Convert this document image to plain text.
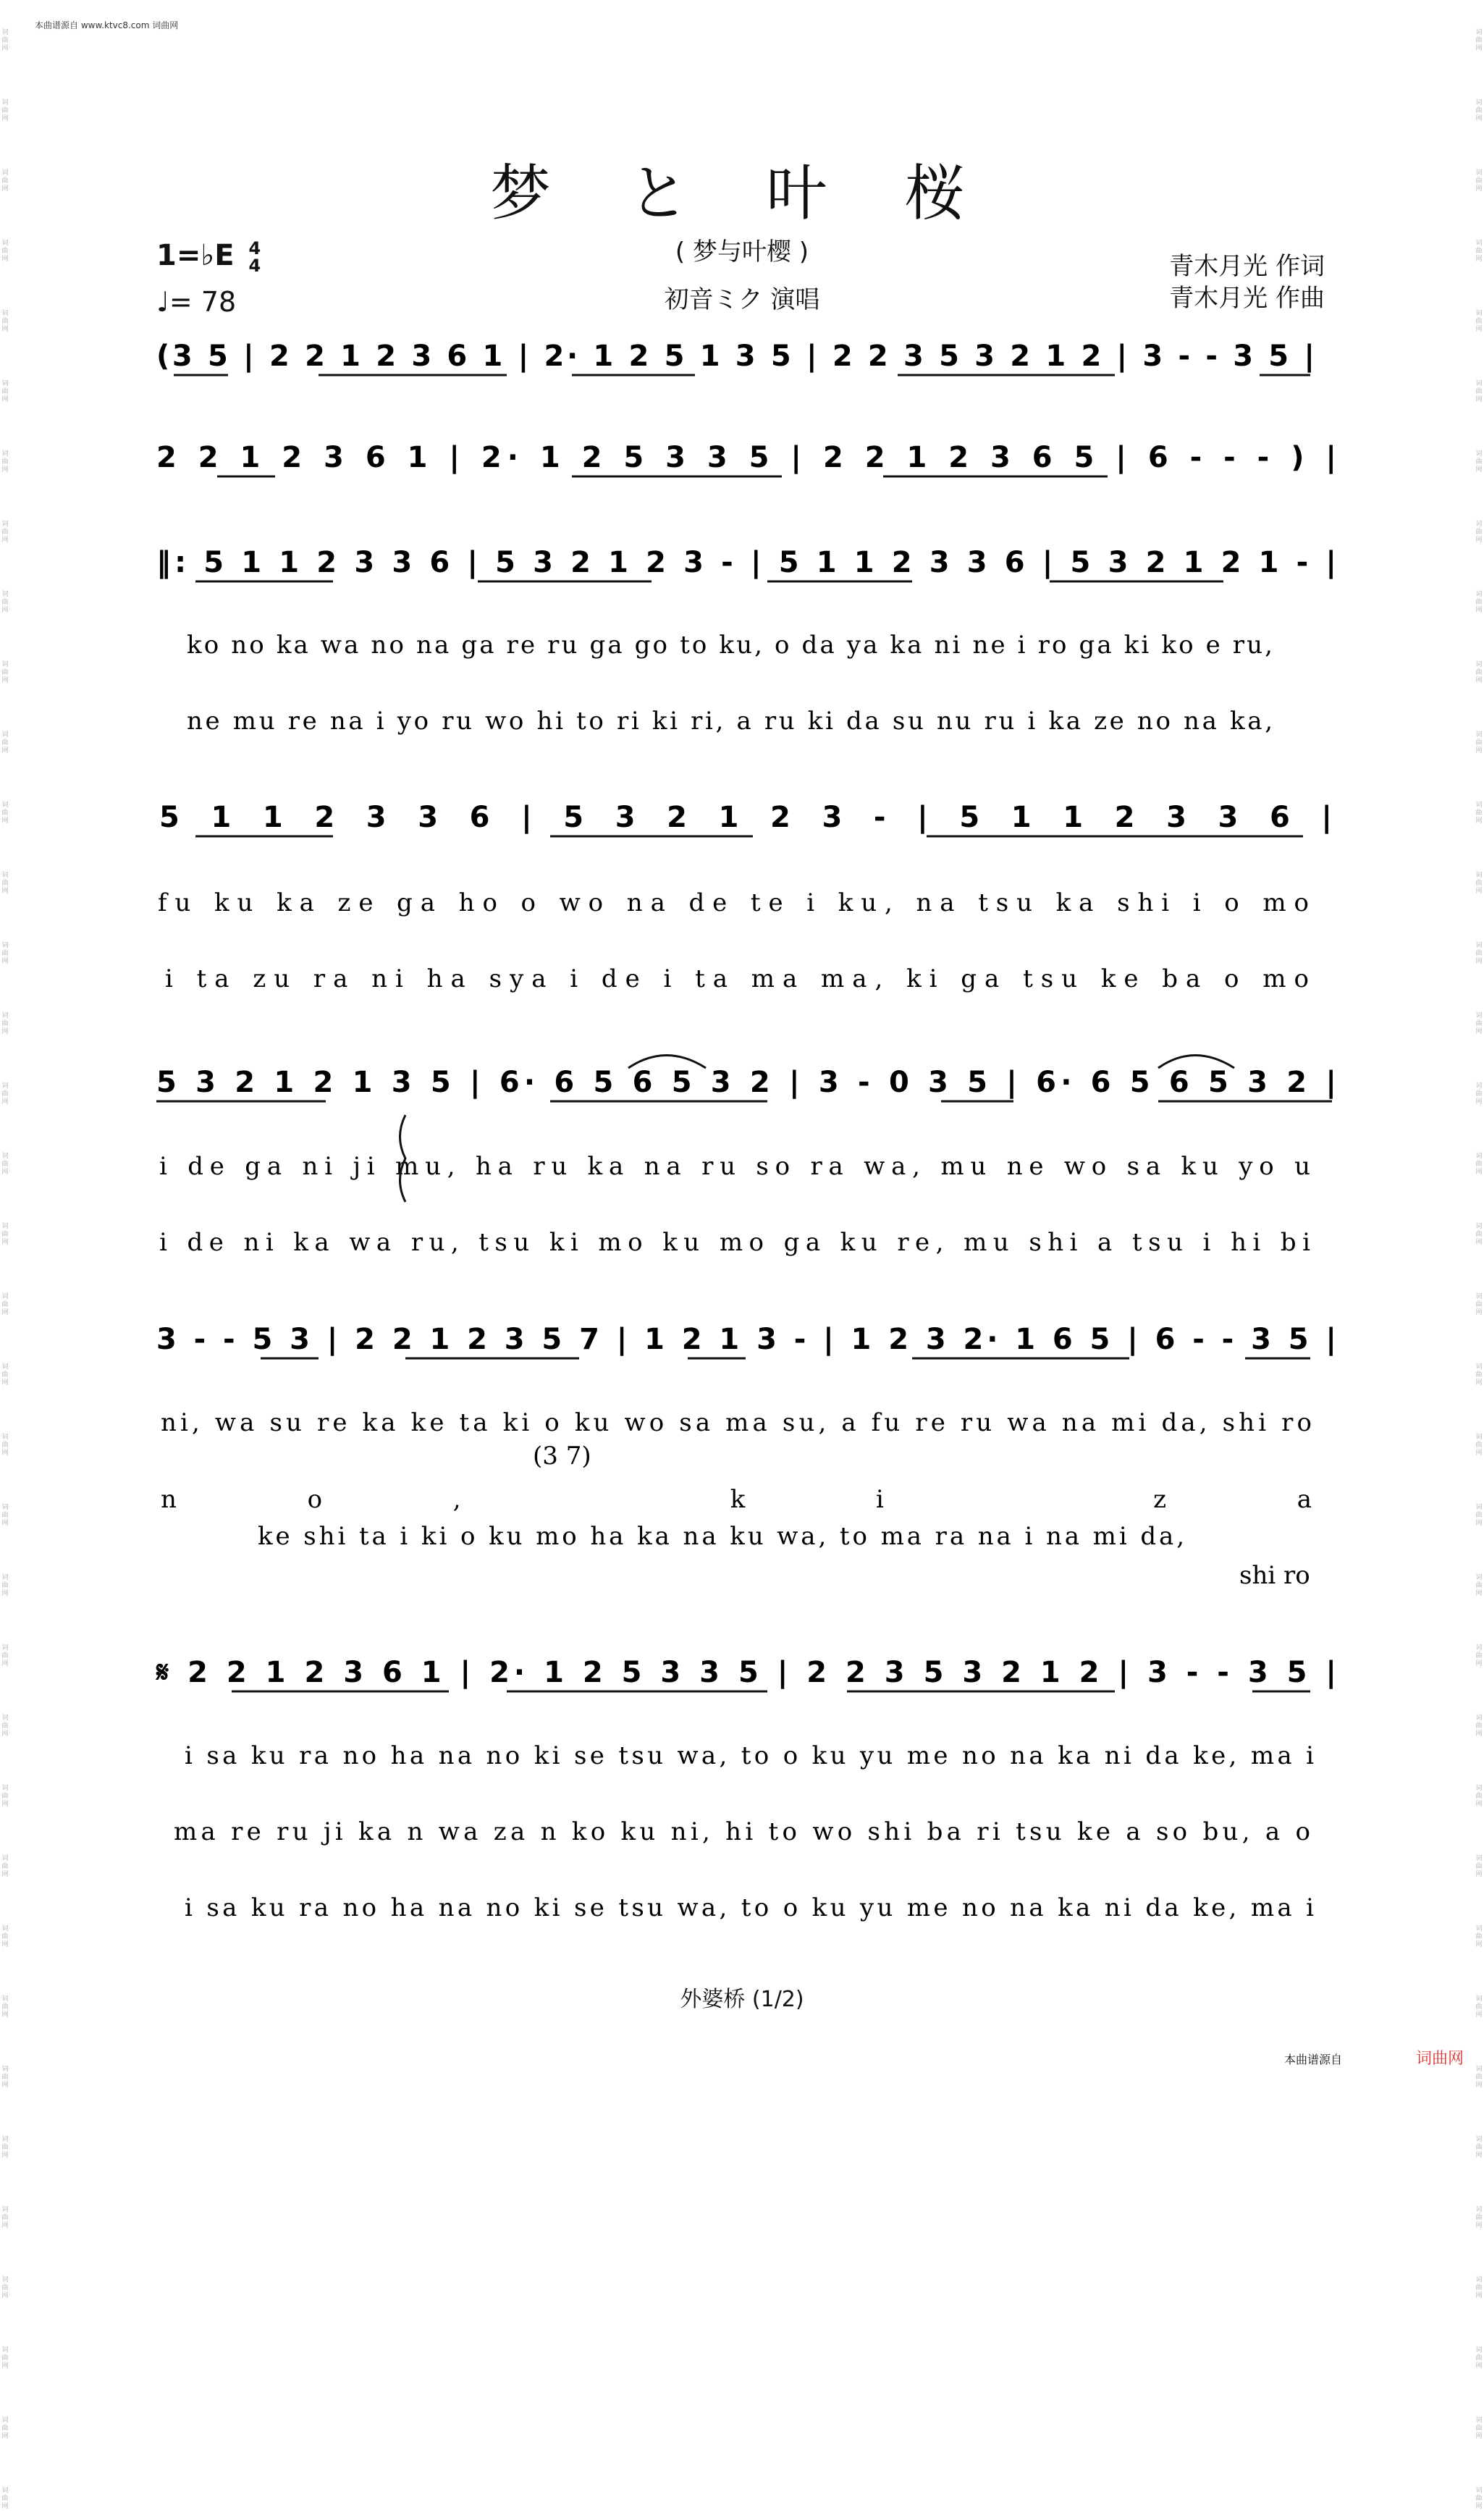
本曲谱源自 www.ktvc8.com 词曲网
词曲网
词曲网
词曲网
词曲网
词曲网
词曲网
词曲网
词曲网
词曲网
词曲网
词曲网
词曲网
词曲网
词曲网
词曲网
词曲网
词曲网
词曲网
词曲网
词曲网
词曲网
词曲网
词曲网
词曲网
词曲网
词曲网
词曲网
词曲网
词曲网
词曲网
词曲网
词曲网
词曲网
词曲网
词曲网
词曲网
词曲网
词曲网
词曲网
词曲网
词曲网
词曲网
词曲网
词曲网
词曲网
词曲网
词曲网
词曲网
词曲网
词曲网
词曲网
词曲网
词曲网
词曲网
词曲网
词曲网
词曲网
词曲网
词曲网
词曲网
词曲网
词曲网
词曲网
词曲网
词曲网
词曲网
词曲网
词曲网
词曲网
词曲网
词曲网
词曲网
梦 と 叶 桜
( 梦与叶樱 )
初音ミク 演唱
青木月光 作词
青木月光 作曲
1=♭E 4
4
♩= 78
(3 5 | 2 2 1 2 3 6 1 | 2· 1 2 5 1 3 5 | 2 2 3 5 3 2 1 2 | 3 - - 3 5 |
2 2 1 2 3 6 1 | 2· 1 2 5 3 3 5 | 2 2 1 2 3 6 5 | 6 - - - ) |
‖: 5 1 1 2 3 3 6 | 5 3 2 1 2 3 - | 5 1 1 2 3 3 6 | 5 3 2 1 2 1 - |
ko no ka wa no na ga re ru ga go to ku, o da ya ka ni ne i ro ga ki ko e ru,
ne mu re na i yo ru wo hi to ri ki ri, a ru ki da su nu ru i ka ze no na ka,
5 1 1 2 3 3 6 | 5 3 2 1 2 3 - | 5 1 1 2 3 3 6 |
fu ku ka ze ga ho o wo na de te i ku, na tsu ka shi i o mo
i ta zu ra ni ha sya i de i ta ma ma, ki ga tsu ke ba o mo
5 3 2 1 2 1 3 5 | 6· 6 5 6 5 3 2 | 3 - 0 3 5 | 6· 6 5 6 5 3 2 |
i de ga ni ji mu, ha ru ka na ru so ra wa, mu ne wo sa ku yo u
i de ni ka wa ru, tsu ki mo ku mo ga ku re, mu shi a tsu i hi bi
3 - - 5 3 | 2 2 1 2 3 5 7 | 1 2 1 3 - | 1 2 3 2· 1 6 5 | 6 - - 3 5 |
ni, wa su re ka ke ta ki o ku wo sa ma su, a fu re ru wa na mi da, shi ro
(3 7)
no, ki za
ke shi ta i ki o ku mo ha ka na ku wa, to ma ra na i na mi da,
shi ro
𝄋 2 2 1 2 3 6 1 | 2· 1 2 5 3 3 5 | 2 2 3 5 3 2 1 2 | 3 - - 3 5 |
i sa ku ra no ha na no ki se tsu wa, to o ku yu me no na ka ni da ke, ma i
ma re ru ji ka n wa za n ko ku ni, hi to wo shi ba ri tsu ke a so bu, a o
i sa ku ra no ha na no ki se tsu wa, to o ku yu me no na ka ni da ke, ma i
外婆桥 (1/2)
本曲谱源自	词曲网
